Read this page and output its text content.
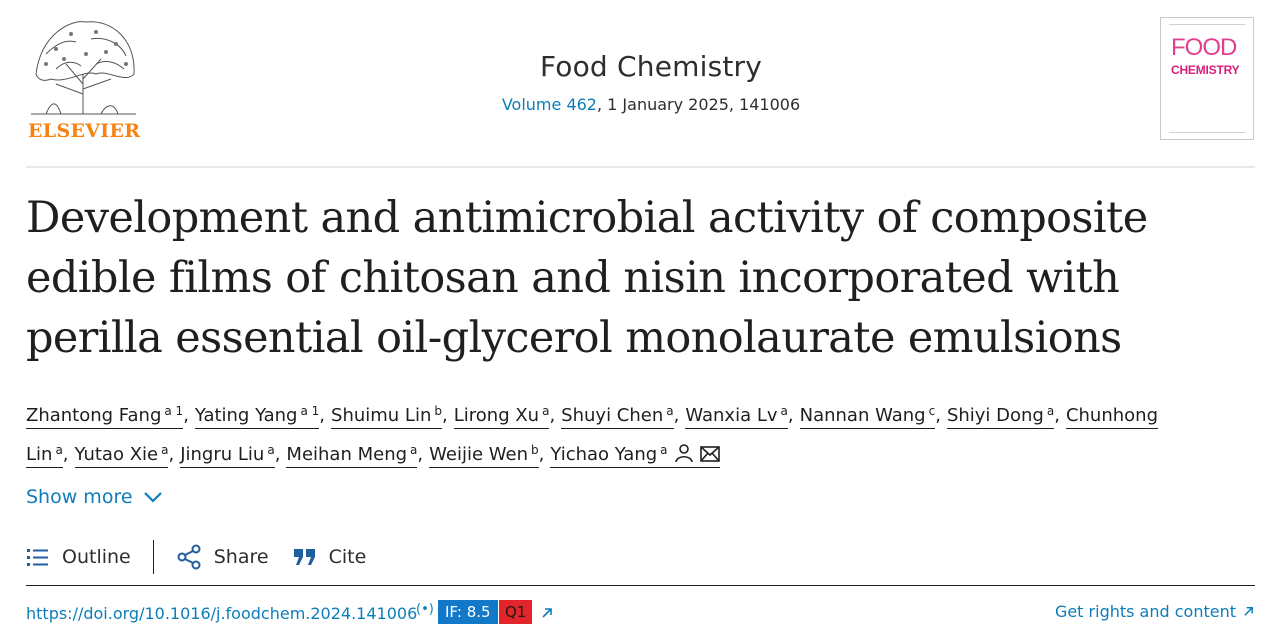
ELSEVIER
Food Chemistry
Volume 462, 1 January 2025, 141006
FOOD
CHEMISTRY
Development and antimicrobial activity of composite edible films of chitosan and nisin incorporated with perilla essential oil-glycerol monolaurate emulsions
Zhantong Fang $^{a 1}$, Yating Yang $^{a 1}$, Shuimu Lin $^b$, Lirong Xu $^a$, Shuyi Chen $^a$, Wanxia Lv $^a$, Nannan Wang $^c$, Shiyi Dong $^a$, Chunhong Lin $^a$, Yutao Xie $^a$, Jingru Liu $^a$, Meihan Meng $^a$, Weijie Wen $^b$, Yichao Yang $^a$
Show more
Outline	Share	Cite
https://doi.org/10.1016/j.foodchem.2024.141006
(•) IF: 8.5 Q1	Get rights and content
